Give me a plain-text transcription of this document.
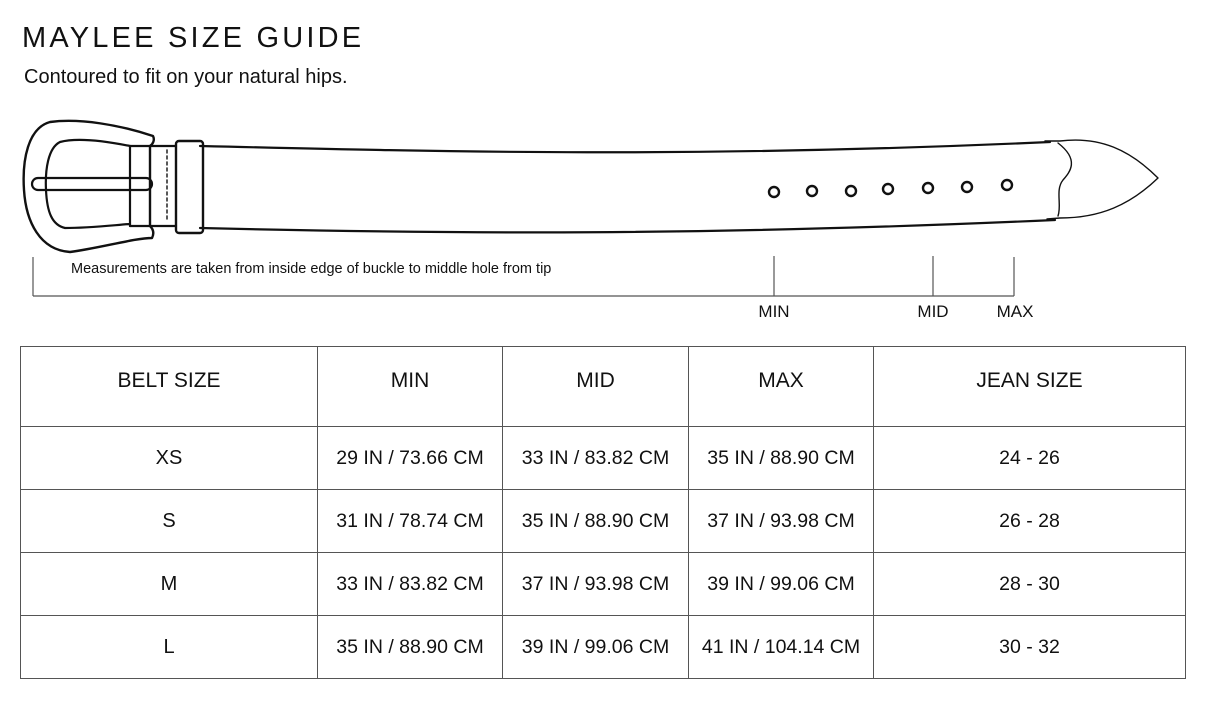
MAYLEE SIZE GUIDE

Contoured to fit on your natural hips.

Measurements are taken from inside edge of buckle to middle hole from tip
MIN	MID	MAX
BELT SIZE	MIN	MID	MAX	JEAN SIZE
XS	29 IN / 73.66 CM	33 IN / 83.82 CM	35 IN / 88.90 CM	24 - 26
S	31 IN / 78.74 CM	35 IN / 88.90 CM	37 IN / 93.98 CM	26 - 28
M	33 IN / 83.82 CM	37 IN / 93.98 CM	39 IN / 99.06 CM	28 - 30
L	35 IN / 88.90 CM	39 IN / 99.06 CM	41 IN / 104.14 CM	30 - 32
